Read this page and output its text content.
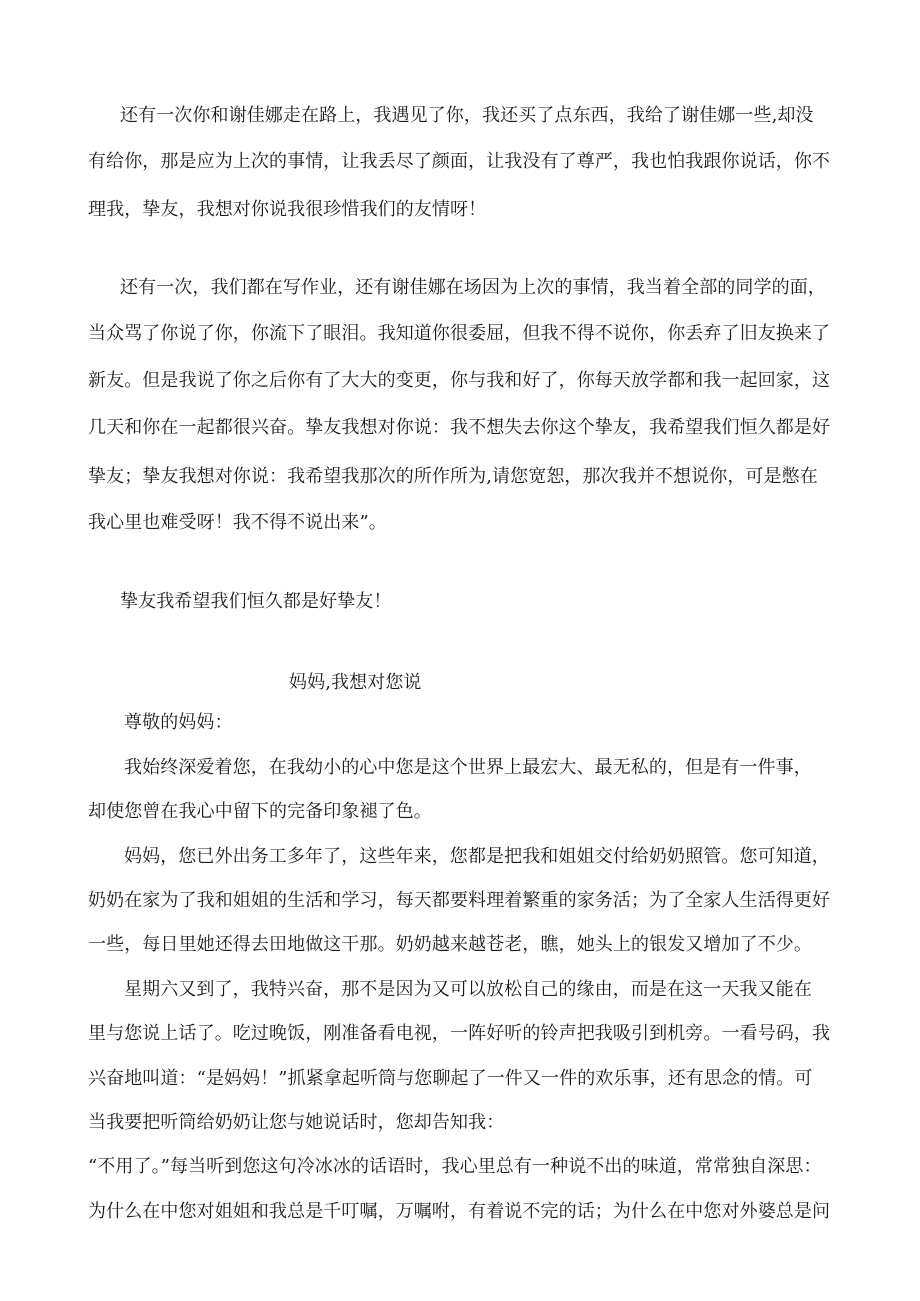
还有一次你和谢佳娜走在路上，我遇见了你，我还买了点东西，我给了谢佳娜一些,却没
有给你，那是应为上次的事情，让我丢尽了颜面，让我没有了尊严，我也怕我跟你说话，你不
理我，挚友，我想对你说我很珍惜我们的友情呀！
还有一次，我们都在写作业，还有谢佳娜在场因为上次的事情，我当着全部的同学的面，
当众骂了你说了你，你流下了眼泪。我知道你很委屈，但我不得不说你，你丢弃了旧友换来了
新友。但是我说了你之后你有了大大的变更，你与我和好了，你每天放学都和我一起回家，这
几天和你在一起都很兴奋。挚友我想对你说：我不想失去你这个挚友，我希望我们恒久都是好
挚友；挚友我想对你说：我希望我那次的所作所为,请您宽恕，那次我并不想说你，可是憋在
我心里也难受呀！我不得不说出来”。
挚友我希望我们恒久都是好挚友！
妈妈,我想对您说
尊敬的妈妈：
我始终深爱着您，在我幼小的心中您是这个世界上最宏大、最无私的，但是有一件事，
却使您曾在我心中留下的完备印象褪了色。
妈妈，您已外出务工多年了，这些年来，您都是把我和姐姐交付给奶奶照管。您可知道，
奶奶在家为了我和姐姐的生活和学习，每天都要料理着繁重的家务活；为了全家人生活得更好
一些，每日里她还得去田地做这干那。奶奶越来越苍老，瞧，她头上的银发又增加了不少。
星期六又到了，我特兴奋，那不是因为又可以放松自己的缘由，而是在这一天我又能在
里与您说上话了。吃过晚饭，刚准备看电视，一阵好听的铃声把我吸引到机旁。一看号码，我
兴奋地叫道：“是妈妈！”抓紧拿起听筒与您聊起了一件又一件的欢乐事，还有思念的情。可
当我要把听筒给奶奶让您与她说话时，您却告知我：
“不用了。”每当听到您这句冷冰冰的话语时，我心里总有一种说不出的味道，常常独自深思：
为什么在中您对姐姐和我总是千叮嘱，万嘱咐，有着说不完的话；为什么在中您对外婆总是问
